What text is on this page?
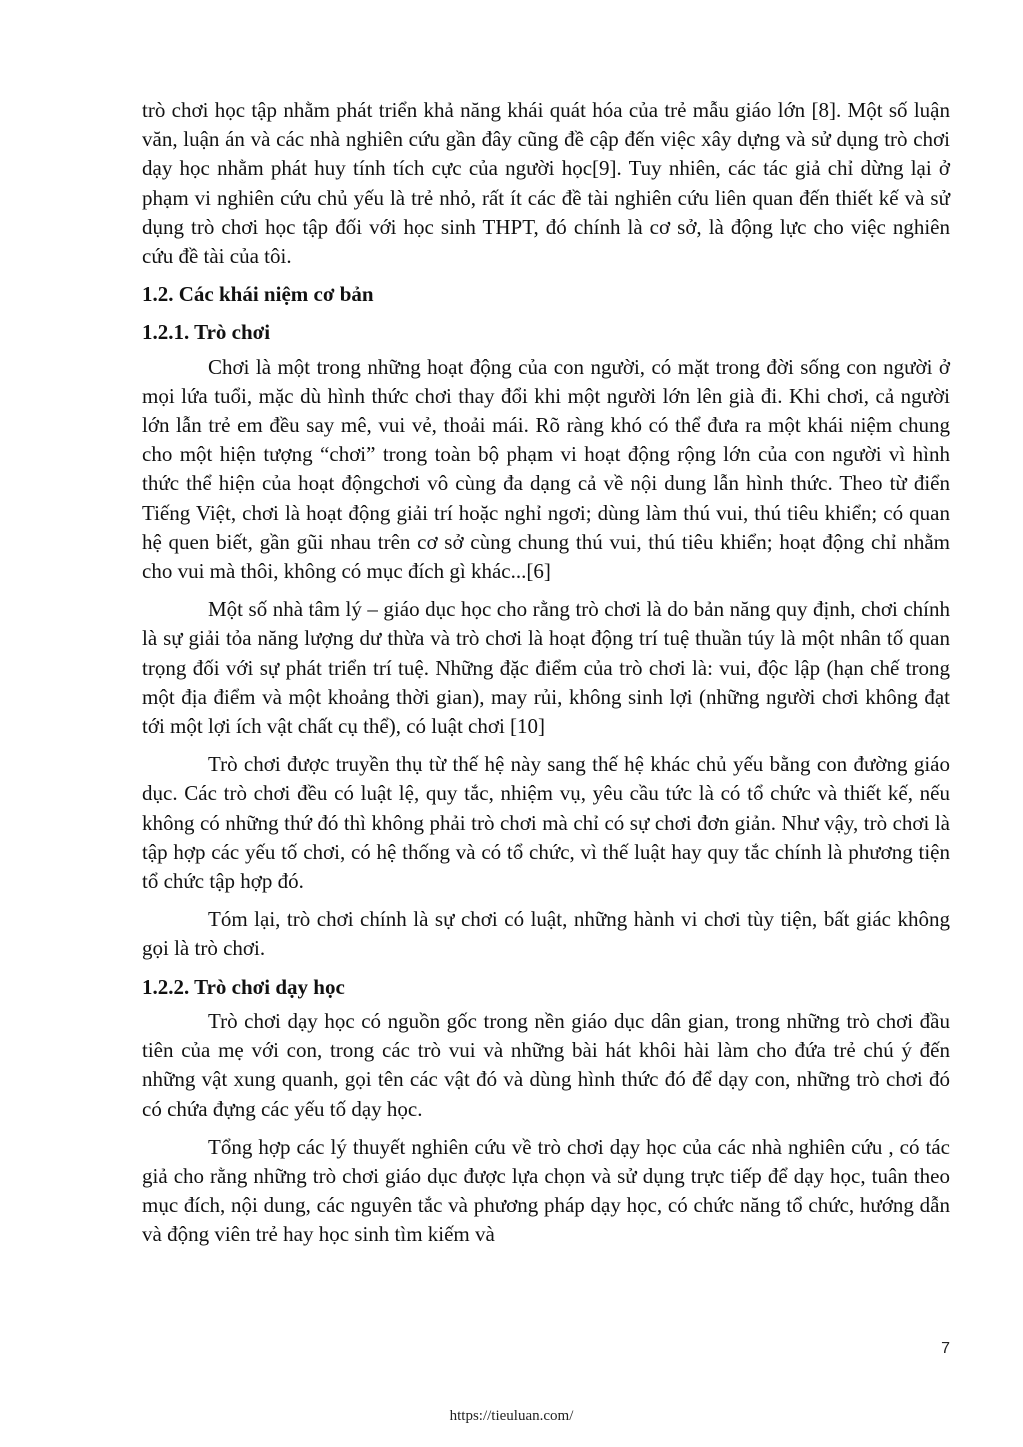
trò chơi học tập nhằm phát triển khả năng khái quát hóa của trẻ mẫu giáo lớn [8]. Một số luận văn, luận án và các nhà nghiên cứu gần đây cũng đề cập đến việc xây dựng và sử dụng trò chơi dạy học nhằm phát huy tính tích cực của người học[9]. Tuy nhiên, các tác giả chỉ dừng lại ở phạm vi nghiên cứu chủ yếu là trẻ nhỏ, rất ít các đề tài nghiên cứu liên quan đến thiết kế và sử dụng trò chơi học tập đối với học sinh THPT, đó chính là cơ sở, là động lực cho việc nghiên cứu đề tài của tôi.

1.2. Các khái niệm cơ bản
1.2.1. Trò chơi

Chơi là một trong những hoạt động của con người, có mặt trong đời sống con người ở mọi lứa tuổi, mặc dù hình thức chơi thay đổi khi một người lớn lên già đi. Khi chơi, cả người lớn lẫn trẻ em đều say mê, vui vẻ, thoải mái. Rõ ràng khó có thể đưa ra một khái niệm chung cho một hiện tượng “chơi” trong toàn bộ phạm vi hoạt động rộng lớn của con người vì hình thức thể hiện của hoạt độngchơi vô cùng đa dạng cả về nội dung lẫn hình thức. Theo từ điển Tiếng Việt, chơi là hoạt động giải trí hoặc nghỉ ngơi; dùng làm thú vui, thú tiêu khiển; có quan hệ quen biết, gần gũi nhau trên cơ sở cùng chung thú vui, thú tiêu khiển; hoạt động chỉ nhằm cho vui mà thôi, không có mục đích gì khác...[6]

Một số nhà tâm lý – giáo dục học cho rằng trò chơi là do bản năng quy định, chơi chính là sự giải tỏa năng lượng dư thừa và trò chơi là hoạt động trí tuệ thuần túy là một nhân tố quan trọng đối với sự phát triển trí tuệ. Những đặc điểm của trò chơi là: vui, độc lập (hạn chế trong một địa điểm và một khoảng thời gian), may rủi, không sinh lợi (những người chơi không đạt tới một lợi ích vật chất cụ thể), có luật chơi [10]

Trò chơi được truyền thụ từ thế hệ này sang thế hệ khác chủ yếu bằng con đường giáo dục. Các trò chơi đều có luật lệ, quy tắc, nhiệm vụ, yêu cầu tức là có tổ chức và thiết kế, nếu không có những thứ đó thì không phải trò chơi mà chỉ có sự chơi đơn giản. Như vậy, trò chơi là tập hợp các yếu tố chơi, có hệ thống và có tổ chức, vì thế luật hay quy tắc chính là phương tiện tổ chức tập hợp đó.

Tóm lại, trò chơi chính là sự chơi có luật, những hành vi chơi tùy tiện, bất giác không gọi là trò chơi.

1.2.2. Trò chơi dạy học

Trò chơi dạy học có nguồn gốc trong nền giáo dục dân gian, trong những trò chơi đầu tiên của mẹ với con, trong các trò vui và những bài hát khôi hài làm cho đứa trẻ chú ý đến những vật xung quanh, gọi tên các vật đó và dùng hình thức đó để dạy con, những trò chơi đó có chứa đựng các yếu tố dạy học.

Tổng hợp các lý thuyết nghiên cứu về trò chơi dạy học của các nhà nghiên cứu , có tác giả cho rằng những trò chơi giáo dục được lựa chọn và sử dụng trực tiếp để dạy học, tuân theo mục đích, nội dung, các nguyên tắc và phương pháp dạy học, có chức năng tổ chức, hướng dẫn và động viên trẻ hay học sinh tìm kiếm và

7
https://tieuluan.com/
